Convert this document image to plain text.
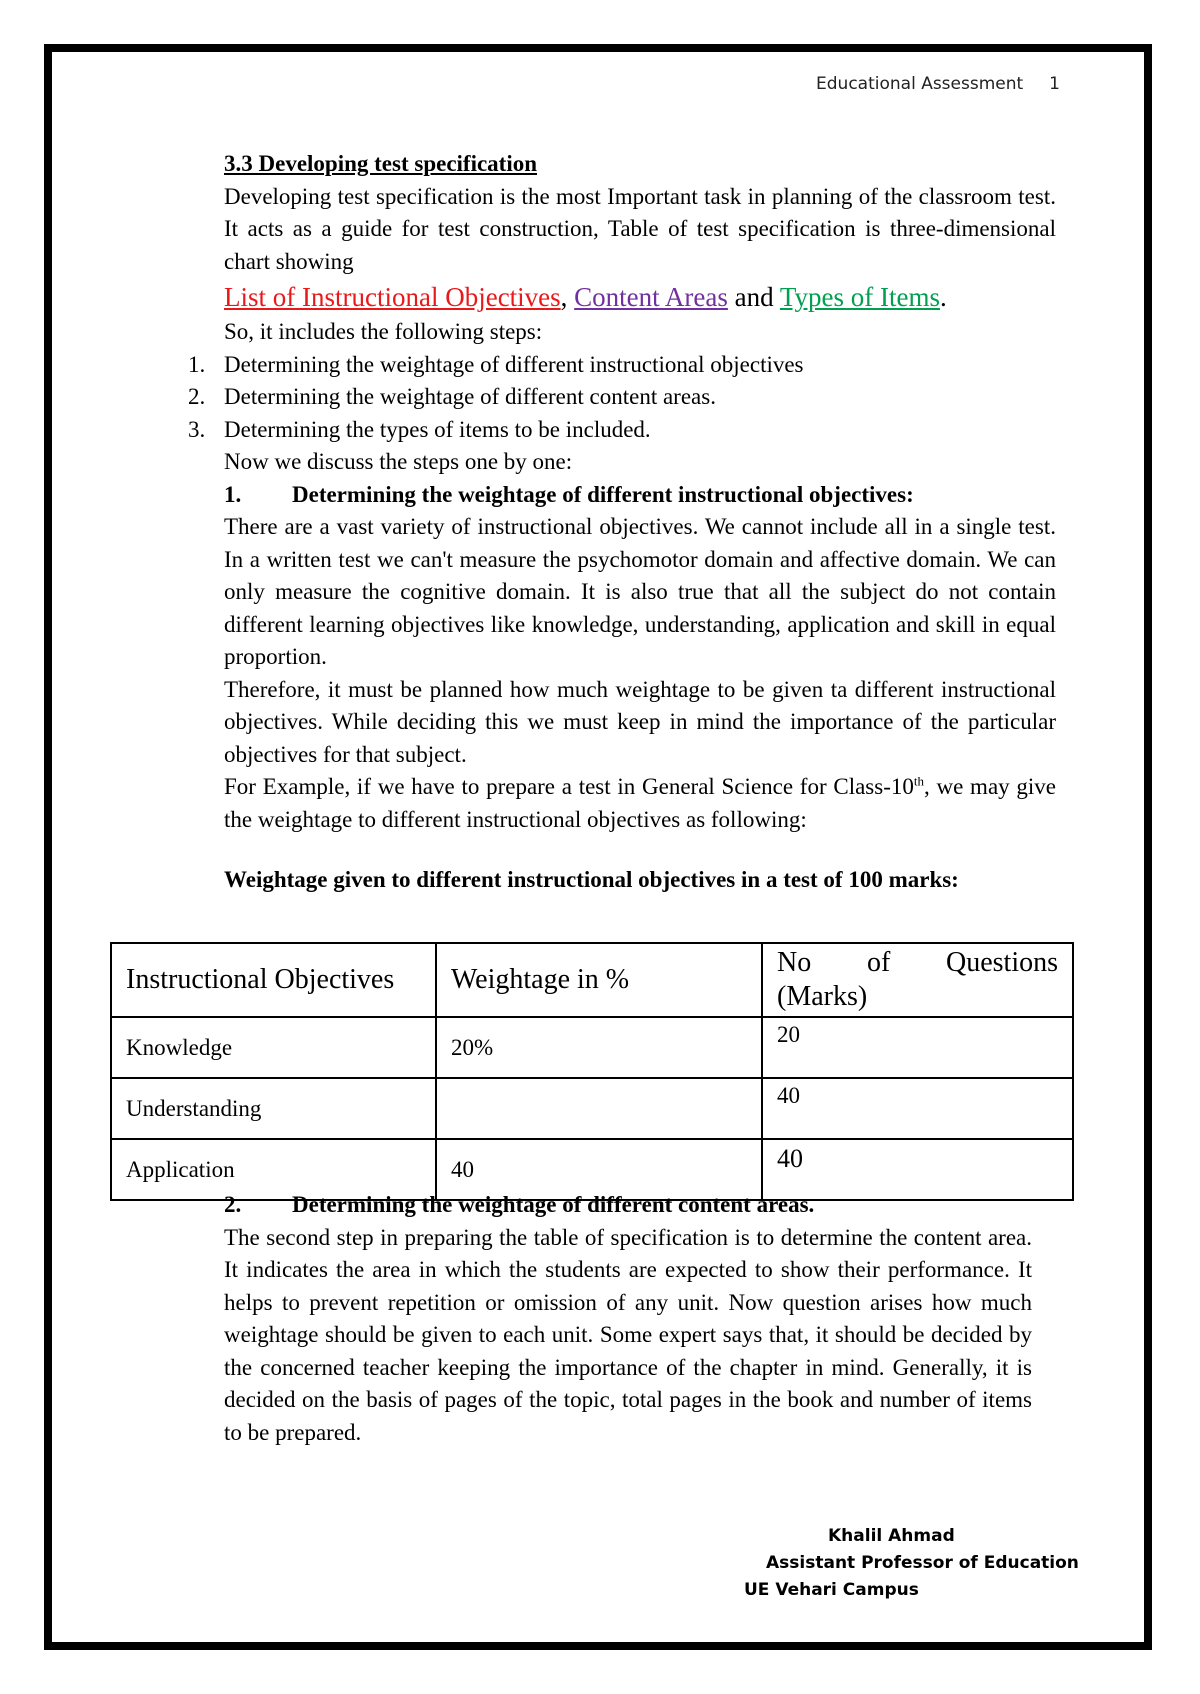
Educational Assessment 1

3.3 Developing test specification

Developing test specification is the most Important task in planning of the classroom test. It acts as a guide for test construction, Table of test specification is three-dimensional chart showing

List of Instructional Objectives, Content Areas and Types of Items.

So, it includes the following steps:

1. Determining the weightage of different instructional objectives
2. Determining the weightage of different content areas.
3. Determining the types of items to be included.

Now we discuss the steps one by one:

1. Determining the weightage of different instructional objectives:

There are a vast variety of instructional objectives. We cannot include all in a single test. In a written test we can't measure the psychomotor domain and affective domain. We can only measure the cognitive domain. It is also true that all the subject do not contain different learning objectives like knowledge, understanding, application and skill in equal proportion.

Therefore, it must be planned how much weightage to be given ta different instructional objectives. While deciding this we must keep in mind the importance of the particular objectives for that subject.

For Example, if we have to prepare a test in General Science for Class-10th, we may give the weightage to different instructional objectives as following:

Weightage given to different instructional objectives in a test of 100 marks:

Instructional Objectives	Weightage in %	No of Questions
(Marks)

Knowledge	20%	20
Understanding		40
Application	40	40

2. Determining the weightage of different content areas.

The second step in preparing the table of specification is to determine the content area. It indicates the area in which the students are expected to show their performance. It helps to prevent repetition or omission of any unit. Now question arises how much weightage should be given to each unit. Some expert says that, it should be decided by the concerned teacher keeping the importance of the chapter in mind. Generally, it is decided on the basis of pages of the topic, total pages in the book and number of items to be prepared.

Khalil Ahmad
Assistant Professor of Education
UE Vehari Campus
